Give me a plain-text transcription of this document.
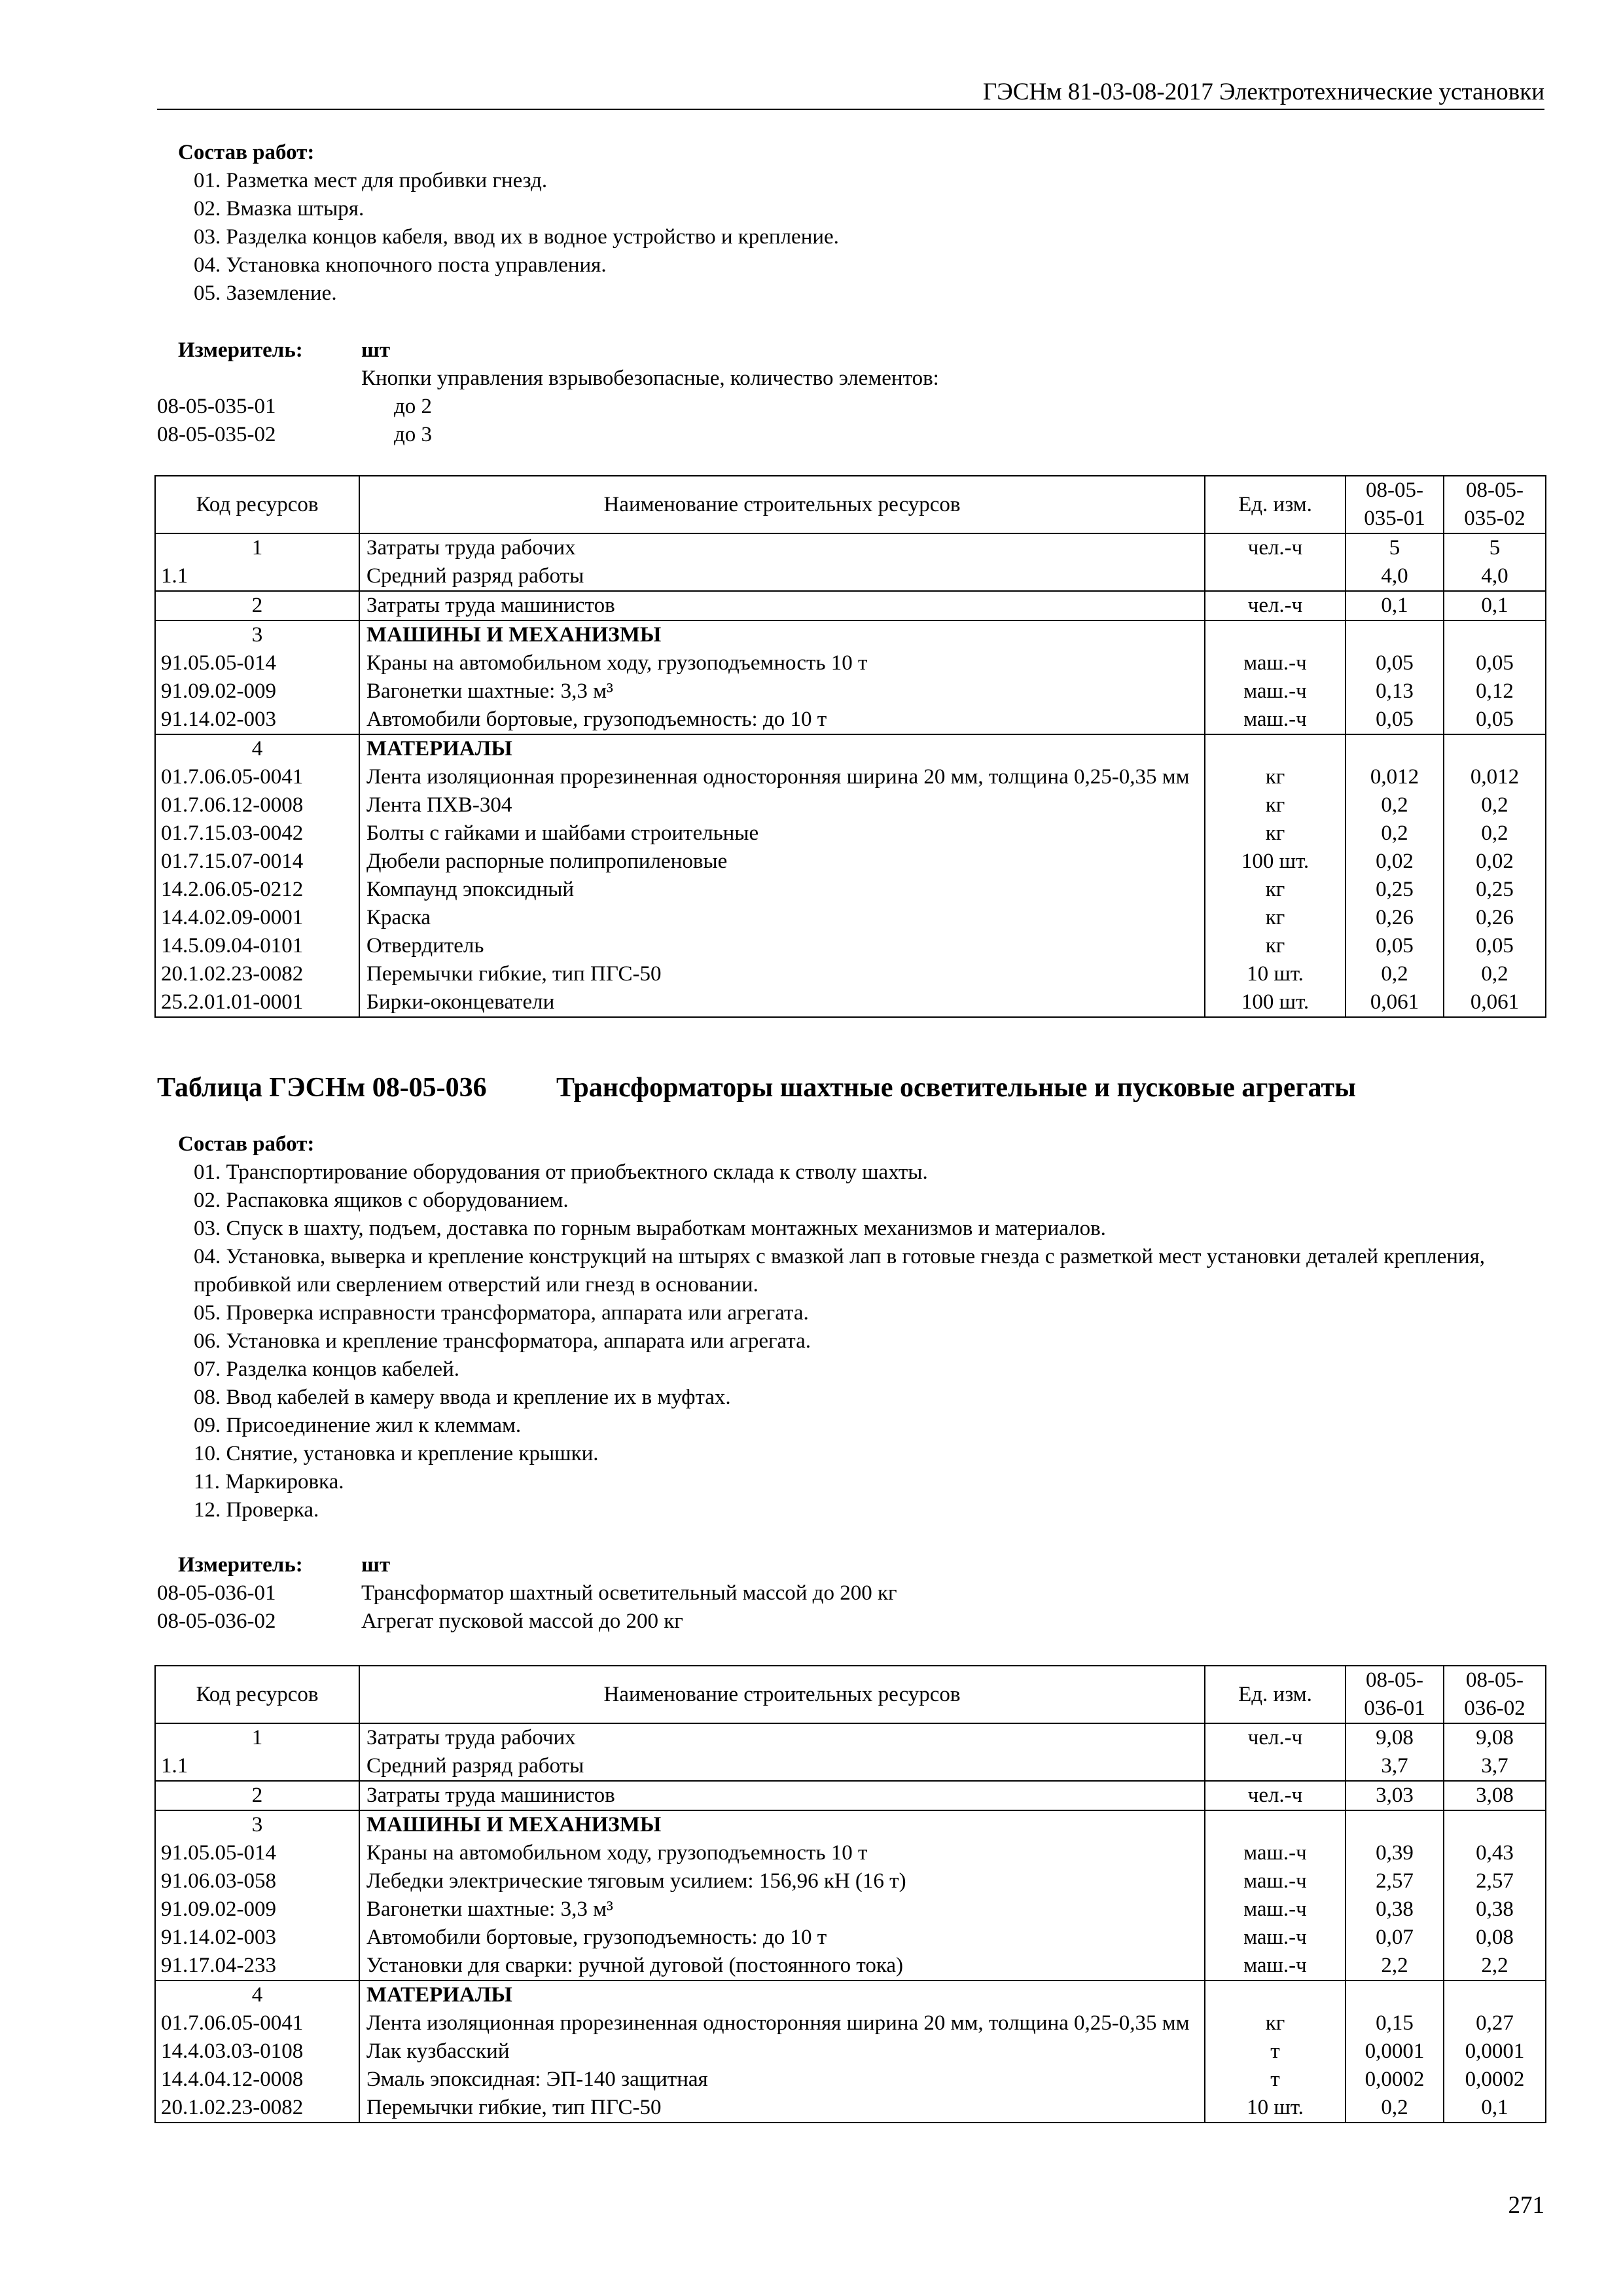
ГЭСНм 81-03-08-2017 Электротехнические установки
Состав работ:
01. Разметка мест для пробивки гнезд.
02. Вмазка штыря.
03. Разделка концов кабеля, ввод их в водное устройство и крепление.
04. Установка кнопочного поста управления.
05. Заземление.
Измеритель:	шт
Кнопки управления взрывобезопасные, количество элементов:
08-05-035-01	до 2
08-05-035-02	до 3
Код ресурсов	Наименование строительных ресурсов	Ед. изм.	08-05-035-01	08-05-035-02
1	Затраты труда рабочих	чел.-ч	5	5
1.1	Средний разряд работы		4,0	4,0
2	Затраты труда машинистов	чел.-ч	0,1	0,1
3	МАШИНЫ И МЕХАНИЗМЫ			
91.05.05-014	Краны на автомобильном ходу, грузоподъемность 10 т	маш.-ч	0,05	0,05
91.09.02-009	Вагонетки шахтные: 3,3 м³	маш.-ч	0,13	0,12
91.14.02-003	Автомобили бортовые, грузоподъемность: до 10 т	маш.-ч	0,05	0,05
4	МАТЕРИАЛЫ			
01.7.06.05-0041	Лента изоляционная прорезиненная односторонняя ширина 20 мм, толщина 0,25-0,35 мм	кг	0,012	0,012
01.7.06.12-0008	Лента ПХВ-304	кг	0,2	0,2
01.7.15.03-0042	Болты с гайками и шайбами строительные	кг	0,2	0,2
01.7.15.07-0014	Дюбели распорные полипропиленовые	100 шт.	0,02	0,02
14.2.06.05-0212	Компаунд эпоксидный	кг	0,25	0,25
14.4.02.09-0001	Краска	кг	0,26	0,26
14.5.09.04-0101	Отвердитель	кг	0,05	0,05
20.1.02.23-0082	Перемычки гибкие, тип ПГС-50	10 шт.	0,2	0,2
25.2.01.01-0001	Бирки-оконцеватели	100 шт.	0,061	0,061
Таблица ГЭСНм 08-05-036	Трансформаторы шахтные осветительные и пусковые агрегаты
Состав работ:
01. Транспортирование оборудования от приобъектного склада к стволу шахты.
02. Распаковка ящиков с оборудованием.
03. Спуск в шахту, подъем, доставка по горным выработкам монтажных механизмов и материалов.
04. Установка, выверка и крепление конструкций на штырях с вмазкой лап в готовые гнезда с разметкой мест установки деталей крепления, пробивкой или сверлением отверстий или гнезд в основании.
05. Проверка исправности трансформатора, аппарата или агрегата.
06. Установка и крепление трансформатора, аппарата или агрегата.
07. Разделка концов кабелей.
08. Ввод кабелей в камеру ввода и крепление их в муфтах.
09. Присоединение жил к клеммам.
10. Снятие, установка и крепление крышки.
11. Маркировка.
12. Проверка.
Измеритель:	шт
08-05-036-01	Трансформатор шахтный осветительный массой до 200 кг
08-05-036-02	Агрегат пусковой массой до 200 кг
Код ресурсов	Наименование строительных ресурсов	Ед. изм.	08-05-036-01	08-05-036-02
1	Затраты труда рабочих	чел.-ч	9,08	9,08
1.1	Средний разряд работы		3,7	3,7
2	Затраты труда машинистов	чел.-ч	3,03	3,08
3	МАШИНЫ И МЕХАНИЗМЫ			
91.05.05-014	Краны на автомобильном ходу, грузоподъемность 10 т	маш.-ч	0,39	0,43
91.06.03-058	Лебедки электрические тяговым усилием: 156,96 кН (16 т)	маш.-ч	2,57	2,57
91.09.02-009	Вагонетки шахтные: 3,3 м³	маш.-ч	0,38	0,38
91.14.02-003	Автомобили бортовые, грузоподъемность: до 10 т	маш.-ч	0,07	0,08
91.17.04-233	Установки для сварки: ручной дуговой (постоянного тока)	маш.-ч	2,2	2,2
4	МАТЕРИАЛЫ			
01.7.06.05-0041	Лента изоляционная прорезиненная односторонняя ширина 20 мм, толщина 0,25-0,35 мм	кг	0,15	0,27
14.4.03.03-0108	Лак кузбасский	т	0,0001	0,0001
14.4.04.12-0008	Эмаль эпоксидная: ЭП-140 защитная	т	0,0002	0,0002
20.1.02.23-0082	Перемычки гибкие, тип ПГС-50	10 шт.	0,2	0,1
271
